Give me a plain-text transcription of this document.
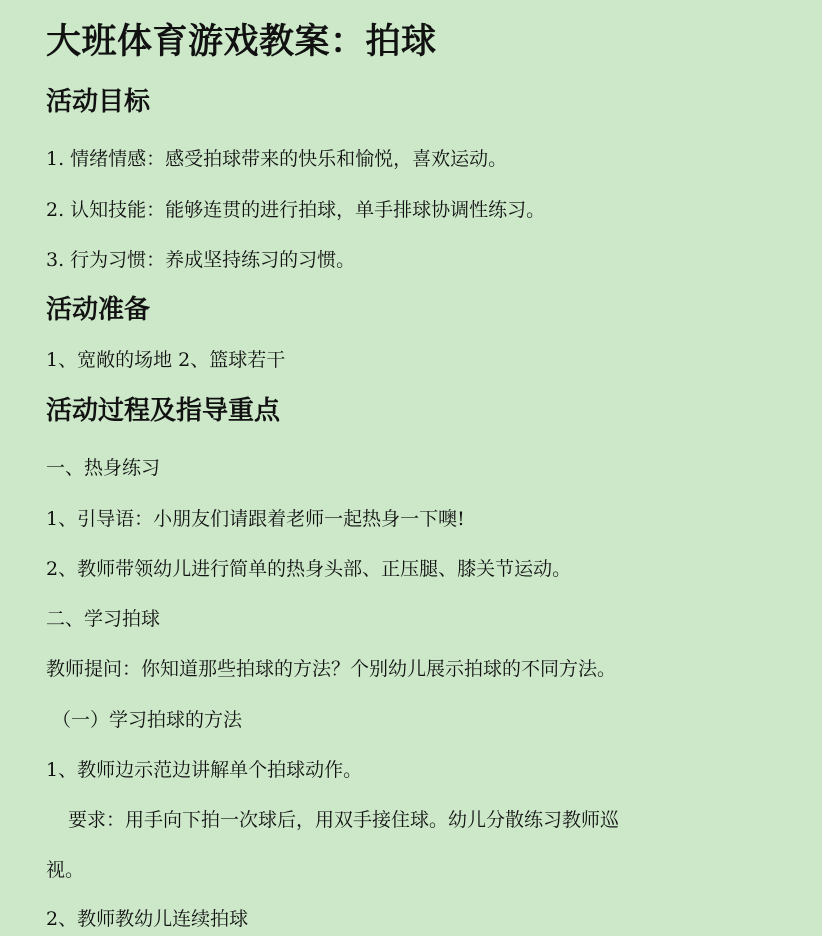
大班体育游戏教案：拍球
活动目标
1. 情绪情感：感受拍球带来的快乐和愉悦，喜欢运动。
2. 认知技能：能够连贯的进行拍球，单手排球协调性练习。
3. 行为习惯：养成坚持练习的习惯。
活动准备
1、宽敞的场地 2、篮球若干
活动过程及指导重点
一、热身练习
1、引导语：小朋友们请跟着老师一起热身一下噢!
2、教师带领幼儿进行简单的热身头部、正压腿、膝关节运动。
二、学习拍球
教师提问：你知道那些拍球的方法？个别幼儿展示拍球的不同方法。
（一）学习拍球的方法
1、教师边示范边讲解单个拍球动作。
要求：用手向下拍一次球后，用双手接住球。幼儿分散练习教师巡
视。
2、教师教幼儿连续拍球
